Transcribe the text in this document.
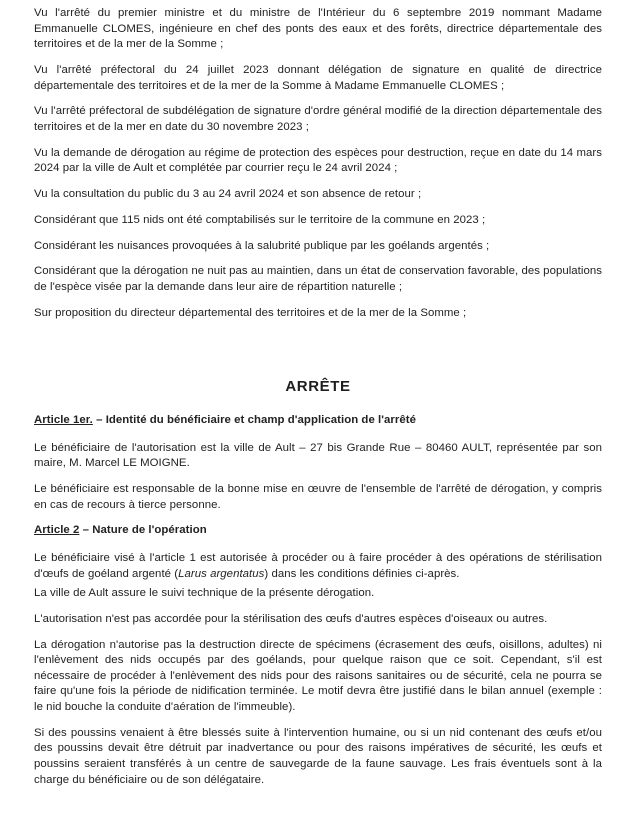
Vu l'arrêté du premier ministre et du ministre de l'Intérieur du 6 septembre 2019 nommant Madame Emmanuelle CLOMES, ingénieure en chef des ponts des eaux et des forêts, directrice départementale des territoires et de la mer de la Somme ;

Vu l'arrêté préfectoral du 24 juillet 2023 donnant délégation de signature en qualité de directrice départementale des territoires et de la mer de la Somme à Madame Emmanuelle CLOMES ;

Vu l'arrêté préfectoral de subdélégation de signature d'ordre général modifié de la direction départementale des territoires et de la mer en date du 30 novembre 2023 ;

Vu la demande de dérogation au régime de protection des espèces pour destruction, reçue en date du 14 mars 2024 par la ville de Ault et complétée par courrier reçu le 24 avril 2024 ;

Vu la consultation du public du 3 au 24 avril 2024 et son absence de retour ;

Considérant que 115 nids ont été comptabilisés sur le territoire de la commune en 2023 ;

Considérant les nuisances provoquées à la salubrité publique par les goélands argentés ;

Considérant que la dérogation ne nuit pas au maintien, dans un état de conservation favorable, des populations de l'espèce visée par la demande dans leur aire de répartition naturelle ;

Sur proposition du directeur départemental des territoires et de la mer de la Somme ;

ARRÊTE
Article 1er. – Identité du bénéficiaire et champ d'application de l'arrêté

Le bénéficiaire de l'autorisation est la ville de Ault – 27 bis Grande Rue – 80460 AULT, représentée par son maire, M. Marcel LE MOIGNE.

Le bénéficiaire est responsable de la bonne mise en œuvre de l'ensemble de l'arrêté de dérogation, y compris en cas de recours à tierce personne.

Article 2 – Nature de l'opération

Le bénéficiaire visé à l'article 1 est autorisée à procéder ou à faire procéder à des opérations de stérilisation d'œufs de goéland argenté (Larus argentatus) dans les conditions définies ci-après.

La ville de Ault assure le suivi technique de la présente dérogation.

L'autorisation n'est pas accordée pour la stérilisation des œufs d'autres espèces d'oiseaux ou autres.

La dérogation n'autorise pas la destruction directe de spécimens (écrasement des œufs, oisillons, adultes) ni l'enlèvement des nids occupés par des goélands, pour quelque raison que ce soit. Cependant, s'il est nécessaire de procéder à l'enlèvement des nids pour des raisons sanitaires ou de sécurité, cela ne pourra se faire qu'une fois la période de nidification terminée. Le motif devra être justifié dans le bilan annuel (exemple : le nid bouche la conduite d'aération de l'immeuble).

Si des poussins venaient à être blessés suite à l'intervention humaine, ou si un nid contenant des œufs et/ou des poussins devait être détruit par inadvertance ou pour des raisons impératives de sécurité, les œufs et poussins seraient transférés à un centre de sauvegarde de la faune sauvage. Les frais éventuels sont à la charge du bénéficiaire ou de son délégataire.
